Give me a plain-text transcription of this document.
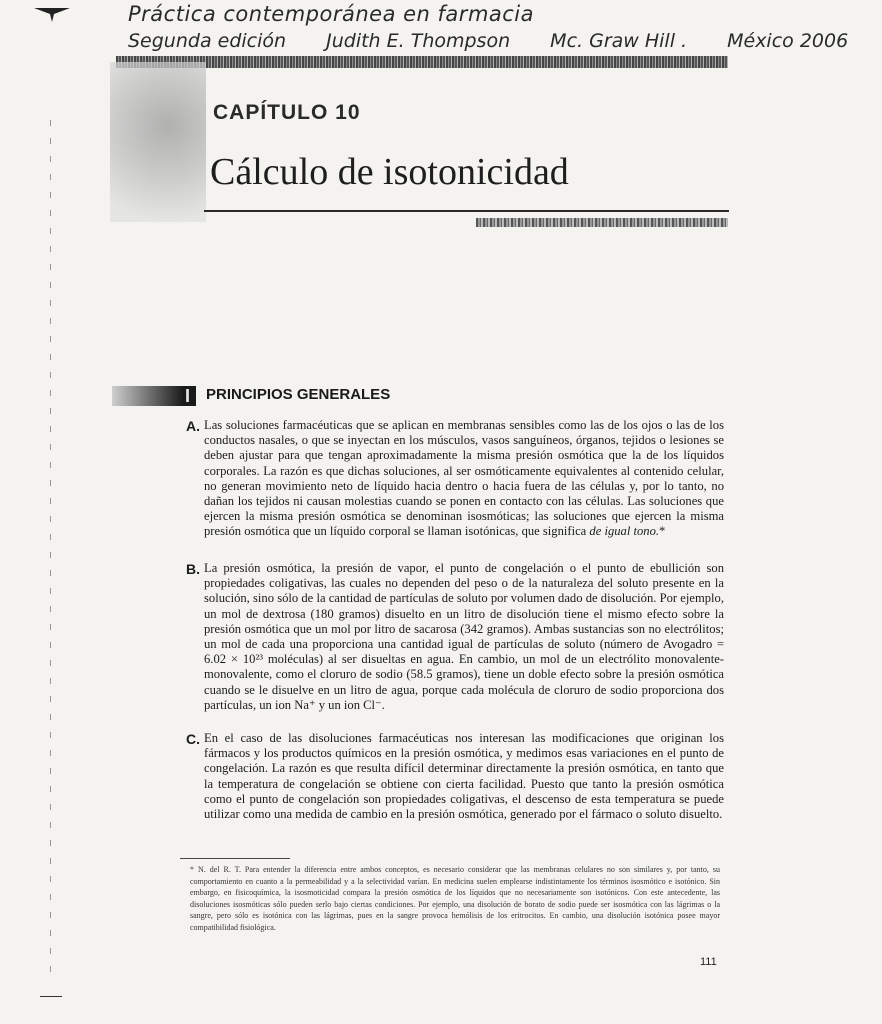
Práctica contemporánea en farmacia
Segunda edición Judith E. Thompson Mc. Graw Hill . México 2006
CAPÍTULO 10
Cálculo de isotonicidad
I PRINCIPIOS GENERALES
A. Las soluciones farmacéuticas que se aplican en membranas sensibles como las de los ojos o las de los conductos nasales, o que se inyectan en los músculos, vasos sanguíneos, órganos, tejidos o lesiones se deben ajustar para que tengan aproximadamente la misma presión osmótica que la de los líquidos corporales. La razón es que dichas soluciones, al ser osmóticamente equivalentes al contenido celular, no generan movimiento neto de líquido hacia dentro o hacia fuera de las células y, por lo tanto, no dañan los tejidos ni causan molestias cuando se ponen en contacto con las células. Las soluciones que ejercen la misma presión osmótica se denominan isosmóticas; las soluciones que ejercen la misma presión osmótica que un líquido corporal se llaman isotónicas, que significa de igual tono.*
B. La presión osmótica, la presión de vapor, el punto de congelación o el punto de ebullición son propiedades coligativas, las cuales no dependen del peso o de la naturaleza del soluto presente en la solución, sino sólo de la cantidad de partículas de soluto por volumen dado de disolución. Por ejemplo, un mol de dextrosa (180 gramos) disuelto en un litro de disolución tiene el mismo efecto sobre la presión osmótica que un mol por litro de sacarosa (342 gramos). Ambas sustancias son no electrólitos; un mol de cada una proporciona una cantidad igual de partículas de soluto (número de Avogadro = 6.02 × 10²³ moléculas) al ser disueltas en agua. En cambio, un mol de un electrólito monovalente-monovalente, como el cloruro de sodio (58.5 gramos), tiene un doble efecto sobre la presión osmótica cuando se le disuelve en un litro de agua, porque cada molécula de cloruro de sodio proporciona dos partículas, un ion Na⁺ y un ion Cl⁻.
C. En el caso de las disoluciones farmacéuticas nos interesan las modificaciones que originan los fármacos y los productos químicos en la presión osmótica, y medimos esas variaciones en el punto de congelación. La razón es que resulta difícil determinar directamente la presión osmótica, en tanto que la temperatura de congelación se obtiene con cierta facilidad. Puesto que tanto la presión osmótica como el punto de congelación son propiedades coligativas, el descenso de esta temperatura se puede utilizar como una medida de cambio en la presión osmótica, generado por el fármaco o soluto disuelto.
* N. del R. T. Para entender la diferencia entre ambos conceptos, es necesario considerar que las membranas celulares no son similares y, por tanto, su comportamiento en cuanto a la permeabilidad y a la selectividad varían. En medicina suelen emplearse indistintamente los términos isosmótico e isotónico. Sin embargo, en fisicoquímica, la isosmoticidad compara la presión osmótica de los líquidos que no necesariamente son isotónicos. Con este antecedente, las disoluciones isosmóticas sólo pueden serlo bajo ciertas condiciones. Por ejemplo, una disolución de borato de sodio puede ser isosmótica con las lágrimas o la sangre, pero sólo es isotónica con las lágrimas, pues en la sangre provoca hemólisis de los eritrocitos. En cambio, una disolución isotónica posee mayor compatibilidad fisiológica.
111
